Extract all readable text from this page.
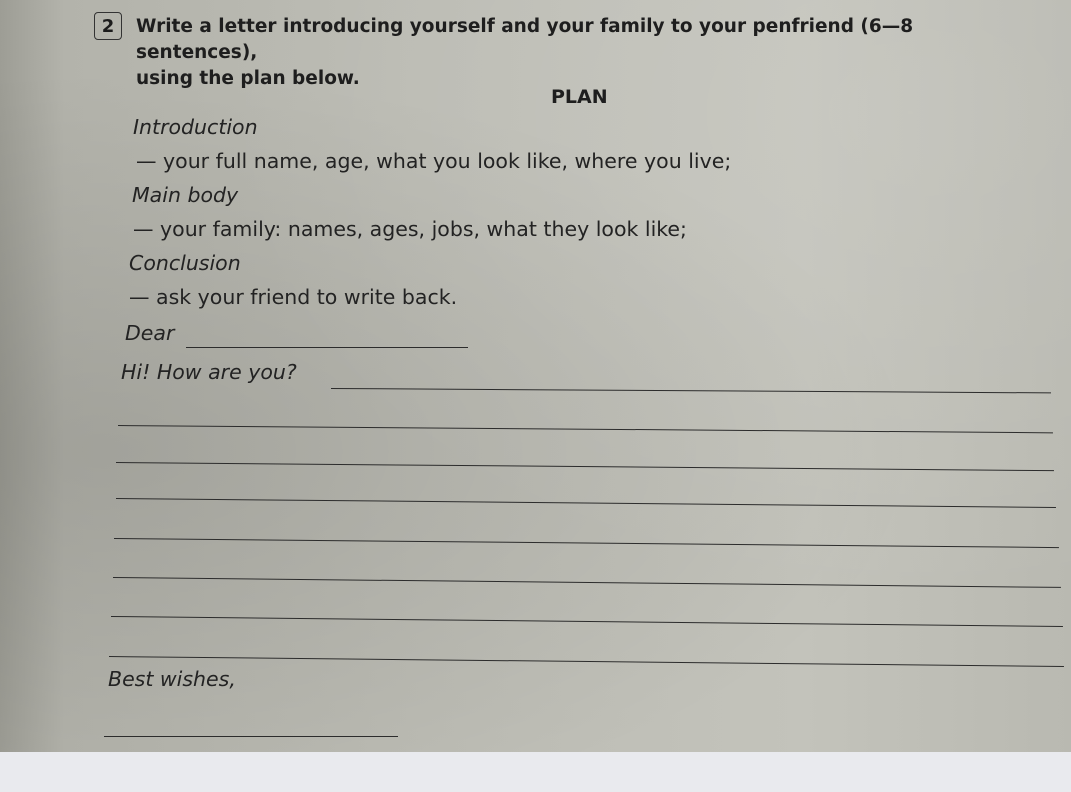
2	Write a letter introducing yourself and your family to your penfriend (6—8 sentences),
using the plan below.
PLAN
Introduction
— your full name, age, what you look like, where you live;
Main body
— your family: names, ages, jobs, what they look like;
Conclusion
— ask your friend to write back.
Dear
Hi! How are you?
Best wishes,
